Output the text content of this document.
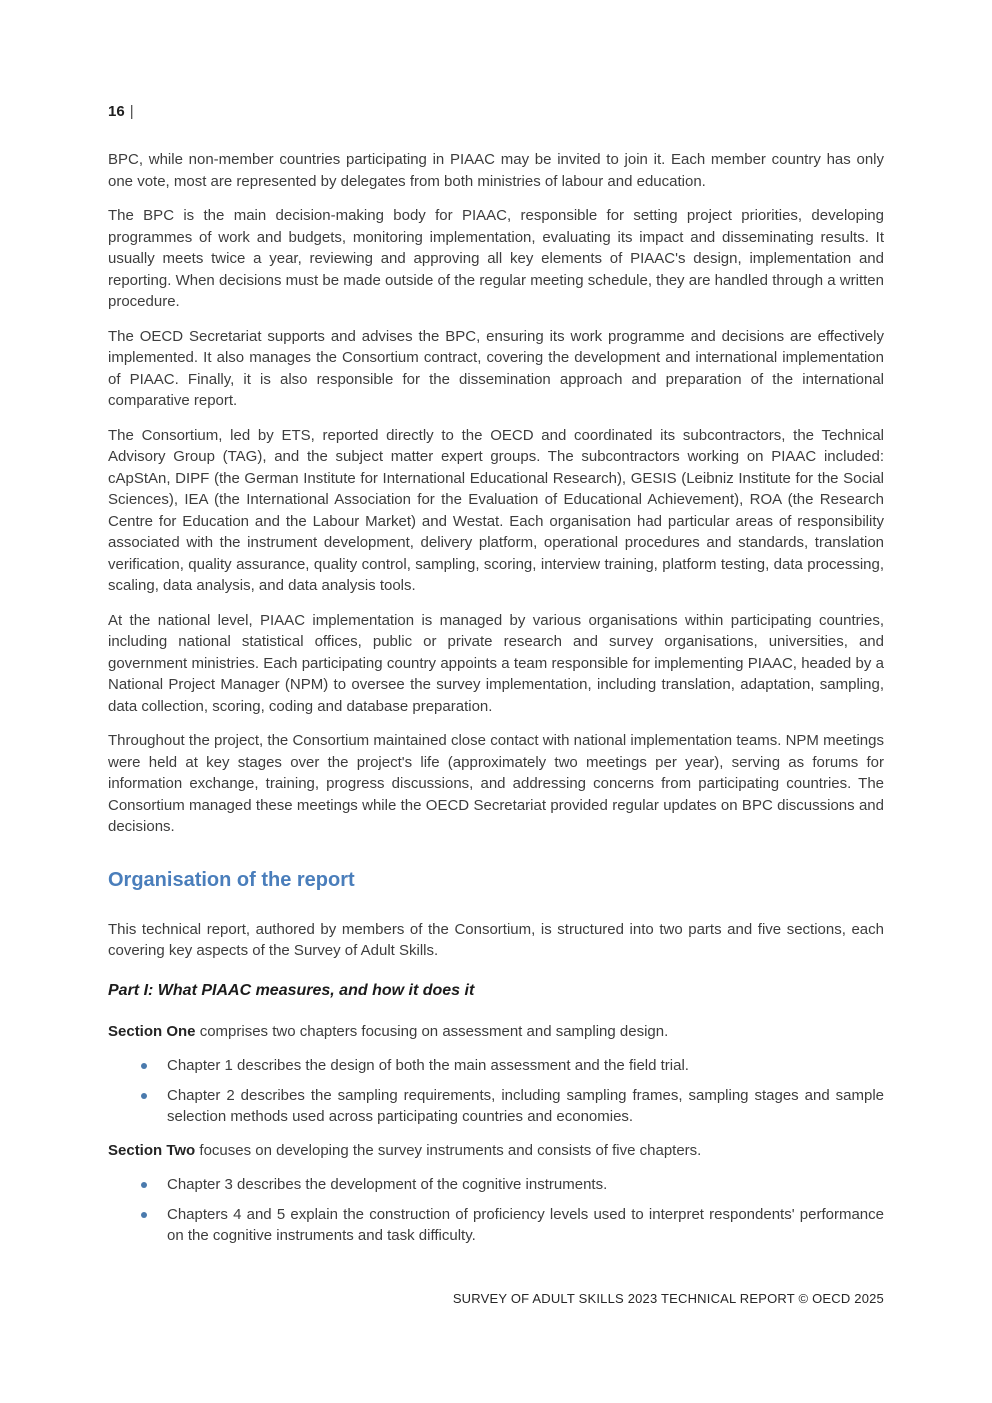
16 |

BPC, while non-member countries participating in PIAAC may be invited to join it. Each member country has only one vote, most are represented by delegates from both ministries of labour and education.

The BPC is the main decision-making body for PIAAC, responsible for setting project priorities, developing programmes of work and budgets, monitoring implementation, evaluating its impact and disseminating results. It usually meets twice a year, reviewing and approving all key elements of PIAAC's design, implementation and reporting. When decisions must be made outside of the regular meeting schedule, they are handled through a written procedure.

The OECD Secretariat supports and advises the BPC, ensuring its work programme and decisions are effectively implemented. It also manages the Consortium contract, covering the development and international implementation of PIAAC. Finally, it is also responsible for the dissemination approach and preparation of the international comparative report.

The Consortium, led by ETS, reported directly to the OECD and coordinated its subcontractors, the Technical Advisory Group (TAG), and the subject matter expert groups. The subcontractors working on PIAAC included: cApStAn, DIPF (the German Institute for International Educational Research), GESIS (Leibniz Institute for the Social Sciences), IEA (the International Association for the Evaluation of Educational Achievement), ROA (the Research Centre for Education and the Labour Market) and Westat. Each organisation had particular areas of responsibility associated with the instrument development, delivery platform, operational procedures and standards, translation verification, quality assurance, quality control, sampling, scoring, interview training, platform testing, data processing, scaling, data analysis, and data analysis tools.

At the national level, PIAAC implementation is managed by various organisations within participating countries, including national statistical offices, public or private research and survey organisations, universities, and government ministries. Each participating country appoints a team responsible for implementing PIAAC, headed by a National Project Manager (NPM) to oversee the survey implementation, including translation, adaptation, sampling, data collection, scoring, coding and database preparation.

Throughout the project, the Consortium maintained close contact with national implementation teams. NPM meetings were held at key stages over the project's life (approximately two meetings per year), serving as forums for information exchange, training, progress discussions, and addressing concerns from participating countries. The Consortium managed these meetings while the OECD Secretariat provided regular updates on BPC discussions and decisions.

Organisation of the report

This technical report, authored by members of the Consortium, is structured into two parts and five sections, each covering key aspects of the Survey of Adult Skills.

Part I: What PIAAC measures, and how it does it

Section One comprises two chapters focusing on assessment and sampling design.

Chapter 1 describes the design of both the main assessment and the field trial.
Chapter 2 describes the sampling requirements, including sampling frames, sampling stages and sample selection methods used across participating countries and economies.

Section Two focuses on developing the survey instruments and consists of five chapters.

Chapter 3 describes the development of the cognitive instruments.
Chapters 4 and 5 explain the construction of proficiency levels used to interpret respondents' performance on the cognitive instruments and task difficulty.
SURVEY OF ADULT SKILLS 2023 TECHNICAL REPORT © OECD 2025
